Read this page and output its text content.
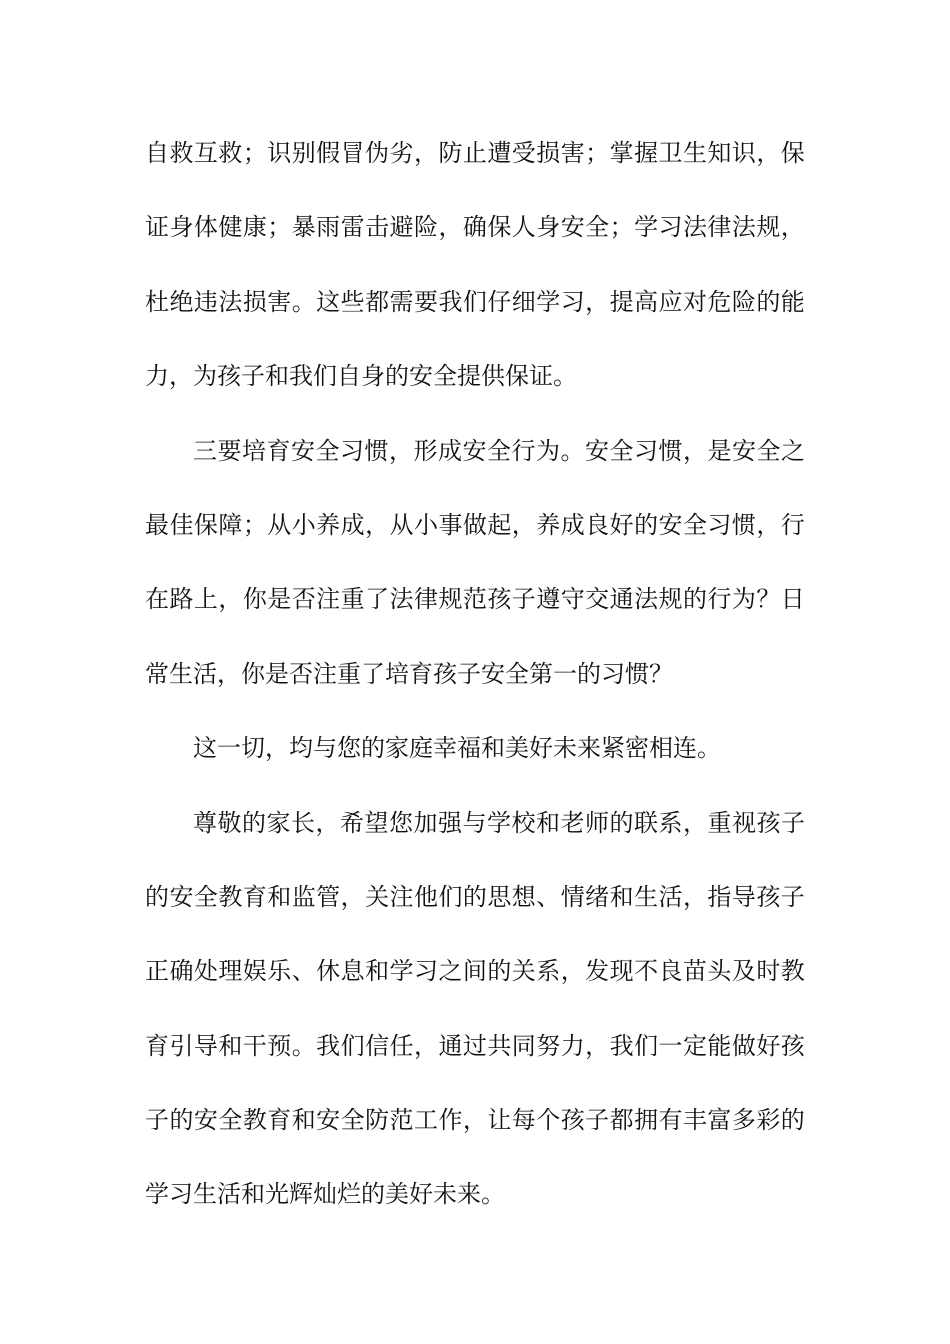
自 救 互 救 ； 识 别 假 冒 伪 劣 ， 防 止 遭 受 损 害 ； 掌 握 卫 生 知 识 ， 保
证 身 体 健 康 ； 暴 雨 雷 击 避 险 ， 确 保 人 身 安 全 ； 学 习 法 律 法 规 ，
杜 绝 违 法 损 害 。 这 些 都 需 要 我 们 仔 细 学 习 ， 提 高 应 对 危 险 的 能
力，为孩子和我们自身的安全提供保证。
三 要 培 育 安 全 习 惯 ， 形 成 安 全 行 为 。 安 全 习 惯 ， 是 安 全 之
最 佳 保 障 ； 从 小 养 成 ， 从 小 事 做 起 ， 养 成 良 好 的 安 全 习 惯 ， 行
在 路 上 ， 你 是 否 注 重 了 法 律 规 范 孩 子 遵 守 交 通 法 规 的 行 为 ？ 日
常生活，你是否注重了培育孩子安全第一的习惯？
这一切，均与您的家庭幸福和美好未来紧密相连。
尊 敬 的 家 长 ， 希 望 您 加 强 与 学 校 和 老 师 的 联 系 ， 重 视 孩 子
的 安 全 教 育 和 监 管 ， 关 注 他 们 的 思 想 、 情 绪 和 生 活 ， 指 导 孩 子
正 确 处 理 娱 乐 、 休 息 和 学 习 之 间 的 关 系 ， 发 现 不 良 苗 头 及 时 教
育 引 导 和 干 预 。 我 们 信 任 ， 通 过 共 同 努 力 ， 我 们 一 定 能 做 好 孩
子 的 安 全 教 育 和 安 全 防 范 工 作 ， 让 每 个 孩 子 都 拥 有 丰 富 多 彩 的
学习生活和光辉灿烂的美好未来。
